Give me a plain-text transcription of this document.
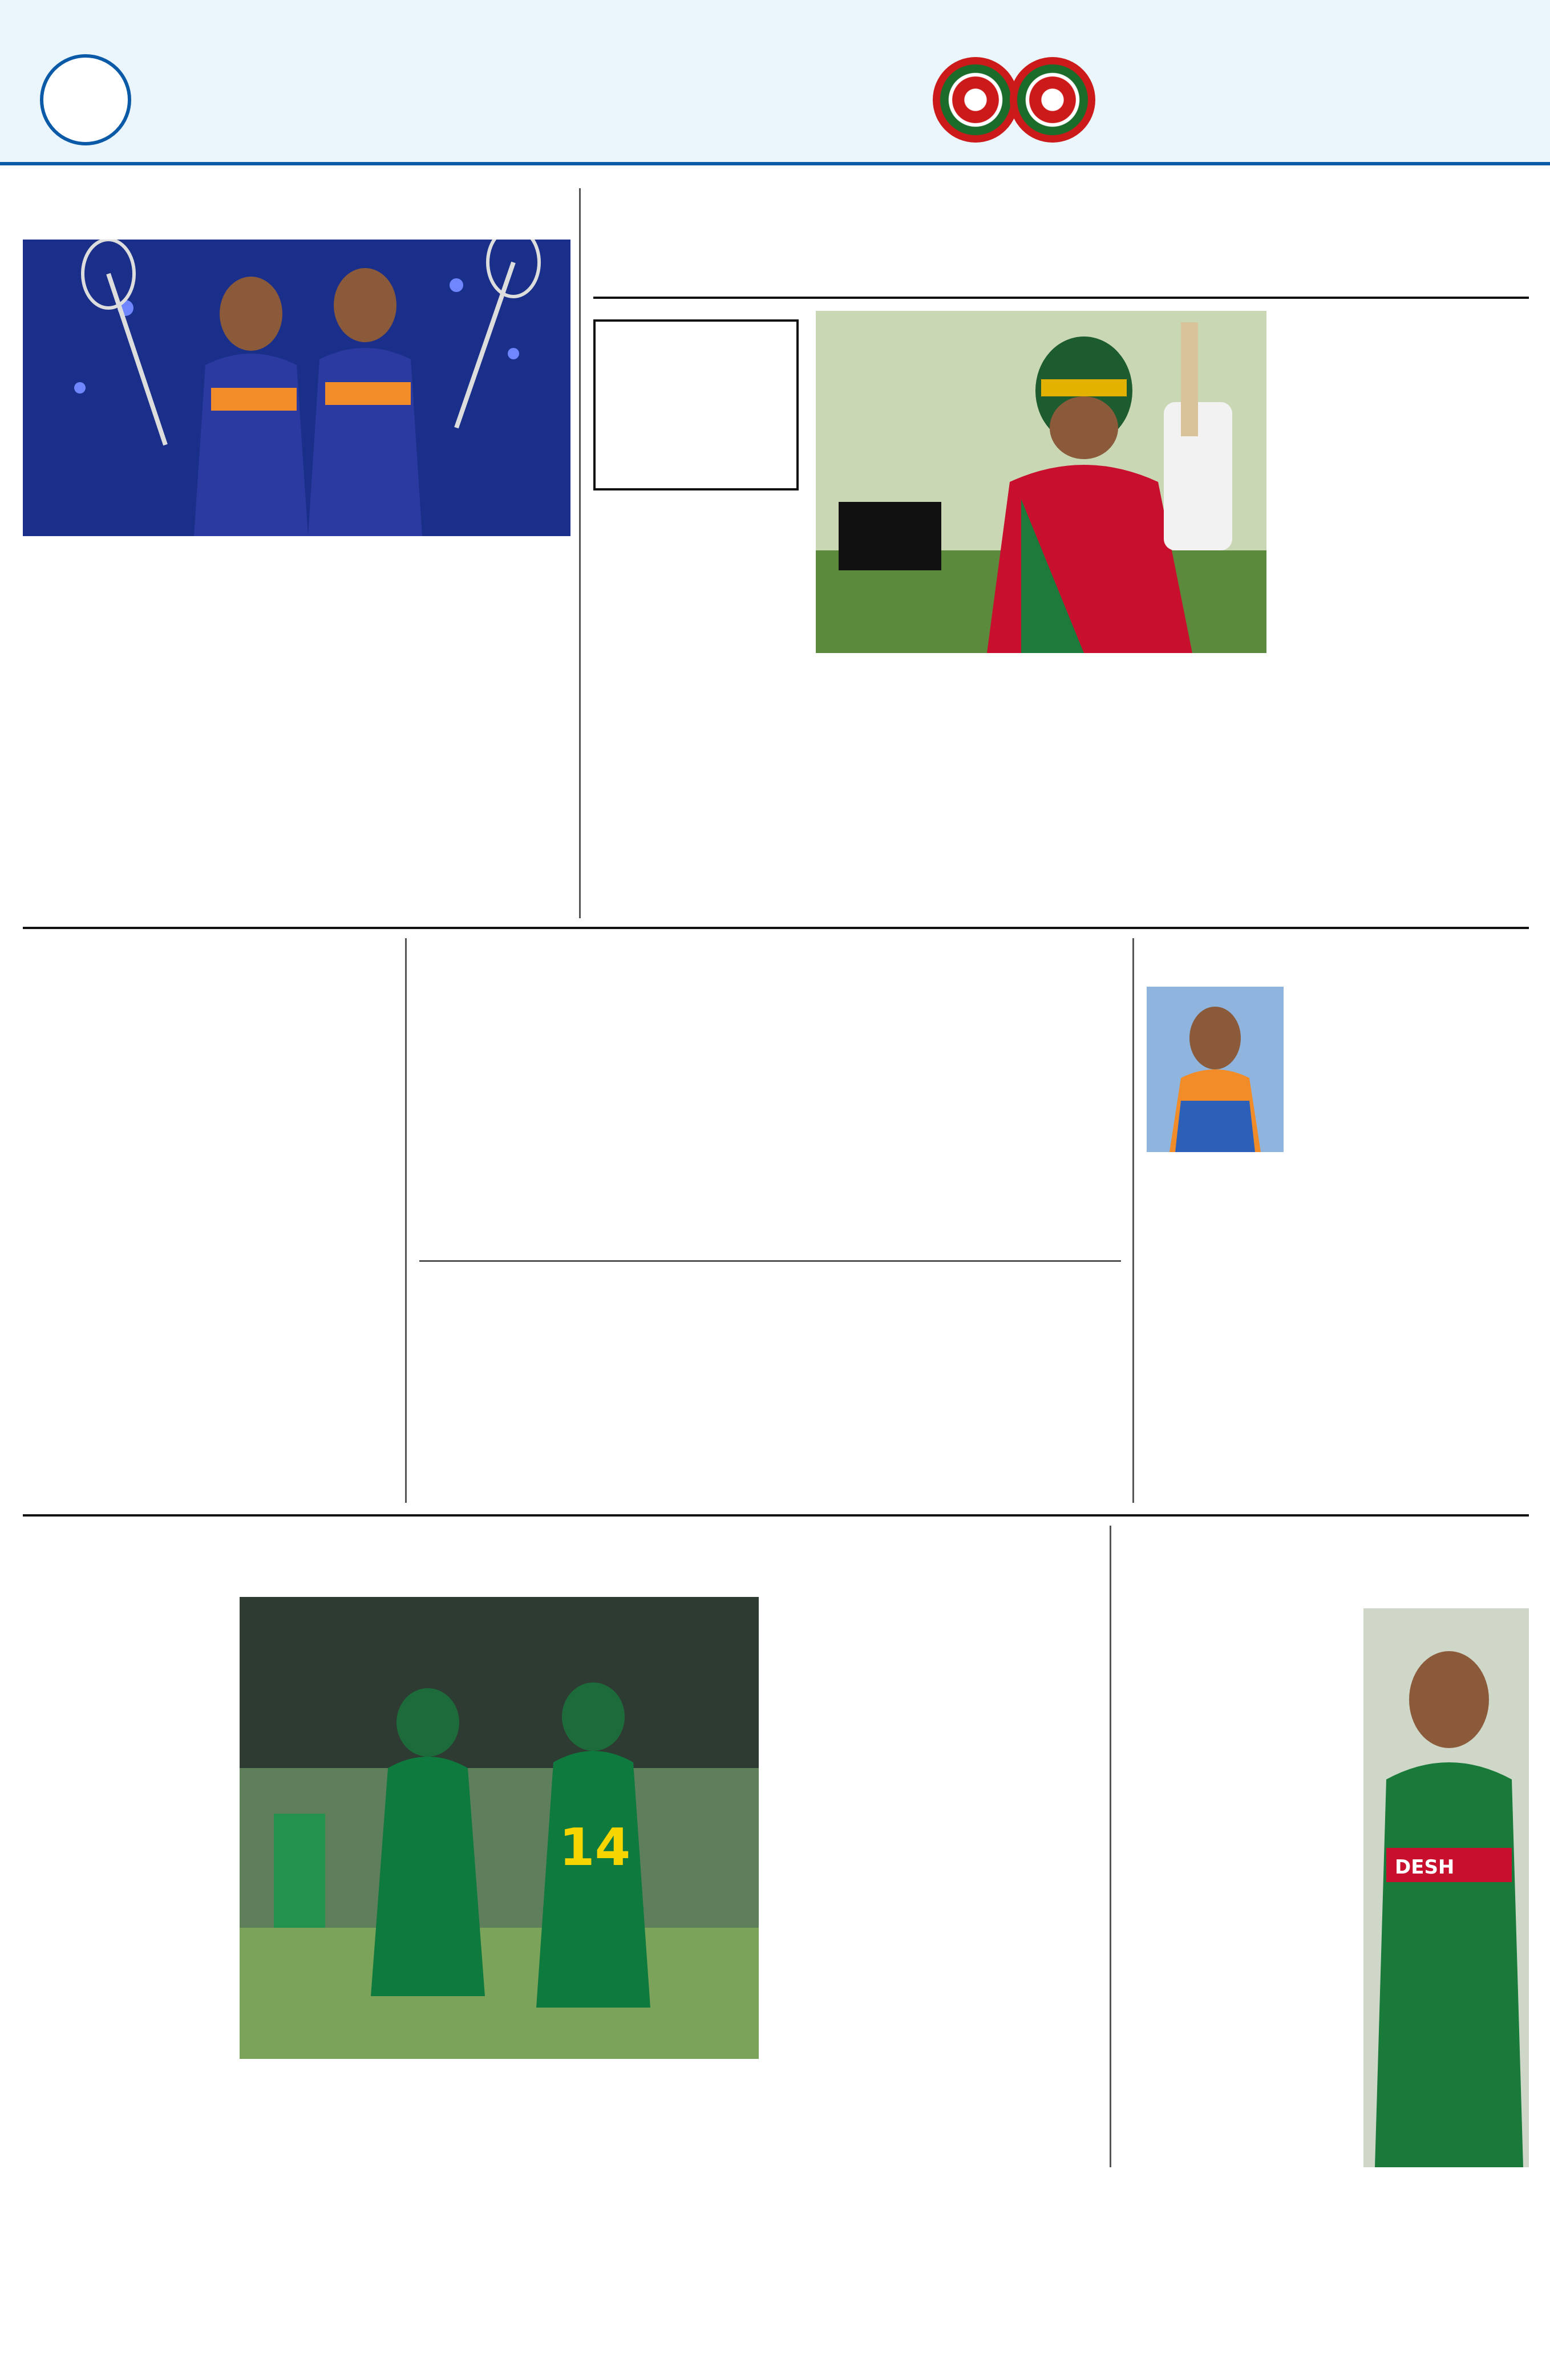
14	DESH
